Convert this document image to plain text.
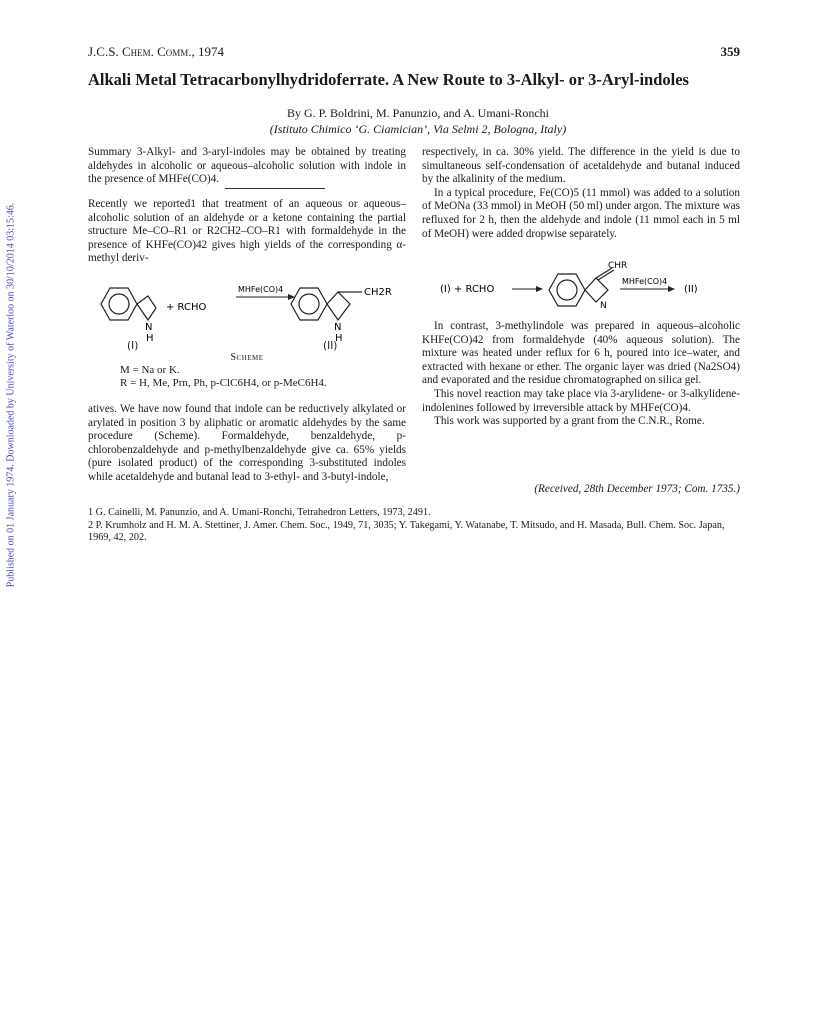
Published on 01 January 1974. Downloaded by University of Waterloo on 30/10/2014 03:15:46.
J.C.S. Chem. Comm., 1974	359
Alkali Metal Tetracarbonylhydridoferrate. A New Route to 3-Alkyl- or 3-Aryl-indoles
By G. P. Boldrini, M. Panunzio, and A. Umani-Ronchi
(Istituto Chimico ‘G. Ciamician’, Via Selmi 2, Bologna, Italy)

Summary 3-Alkyl- and 3-aryl-indoles may be obtained by treating aldehydes in alcoholic or aqueous–alcoholic solution with indole in the presence of MHFe(CO)4.

Recently we reported1 that treatment of an aqueous or aqueous–alcoholic solution of an aldehyde or a ketone containing the partial structure Me–CO–R1 or R2CH2–CO–R1 with formaldehyde in the presence of KHFe(CO)42 gives high yields of the corresponding α-methyl deriv-

N
H
+ RCHO
MHFe(CO)4	CH2R
N
H
(I)	(II)
Scheme
M = Na or K.
R = H, Me, Prn, Ph, p-ClC6H4, or p-MeC6H4.

atives. We have now found that indole can be reductively alkylated or arylated in position 3 by aliphatic or aromatic aldehydes by the same procedure (Scheme). Formaldehyde, benzaldehyde, p-chlorobenzaldehyde and p-methylbenzaldehyde give ca. 65% yields (pure isolated product) of the corresponding 3-substituted indoles while acetaldehyde and butanal lead to 3-ethyl- and 3-butyl-indole,

respectively, in ca. 30% yield. The difference in the yield is due to simultaneous self-condensation of acetaldehyde and butanal induced by the alkalinity of the medium.

In a typical procedure, Fe(CO)5 (11 mmol) was added to a solution of MeONa (33 mmol) in MeOH (50 ml) under argon. The mixture was refluxed for 2 h, then the aldehyde and indole (11 mmol each in 5 ml of MeOH) were added dropwise separately.

(I) + RCHO
CHR
N
MHFe(CO)4
(II)

In contrast, 3-methylindole was prepared in aqueous–alcoholic KHFe(CO)42 from formaldehyde (40% aqueous solution). The mixture was heated under reflux for 6 h, poured into ice–water, and extracted with hexane or ether. The organic layer was dried (Na2SO4) and evaporated and the residue chromatographed on silica gel.

This novel reaction may take place via 3-arylidene- or 3-alkylidene-indolenines followed by irreversible attack by MHFe(CO)4.

This work was supported by a grant from the C.N.R., Rome.

(Received, 28th December 1973; Com. 1735.)

1 G. Cainelli, M. Panunzio, and A. Umani-Ronchi, Tetrahedron Letters, 1973, 2491.

2 P. Krumholz and H. M. A. Stettiner, J. Amer. Chem. Soc., 1949, 71, 3035; Y. Takegami, Y. Watanabe, T. Mitsudo, and H. Masada, Bull. Chem. Soc. Japan, 1969, 42, 202.
